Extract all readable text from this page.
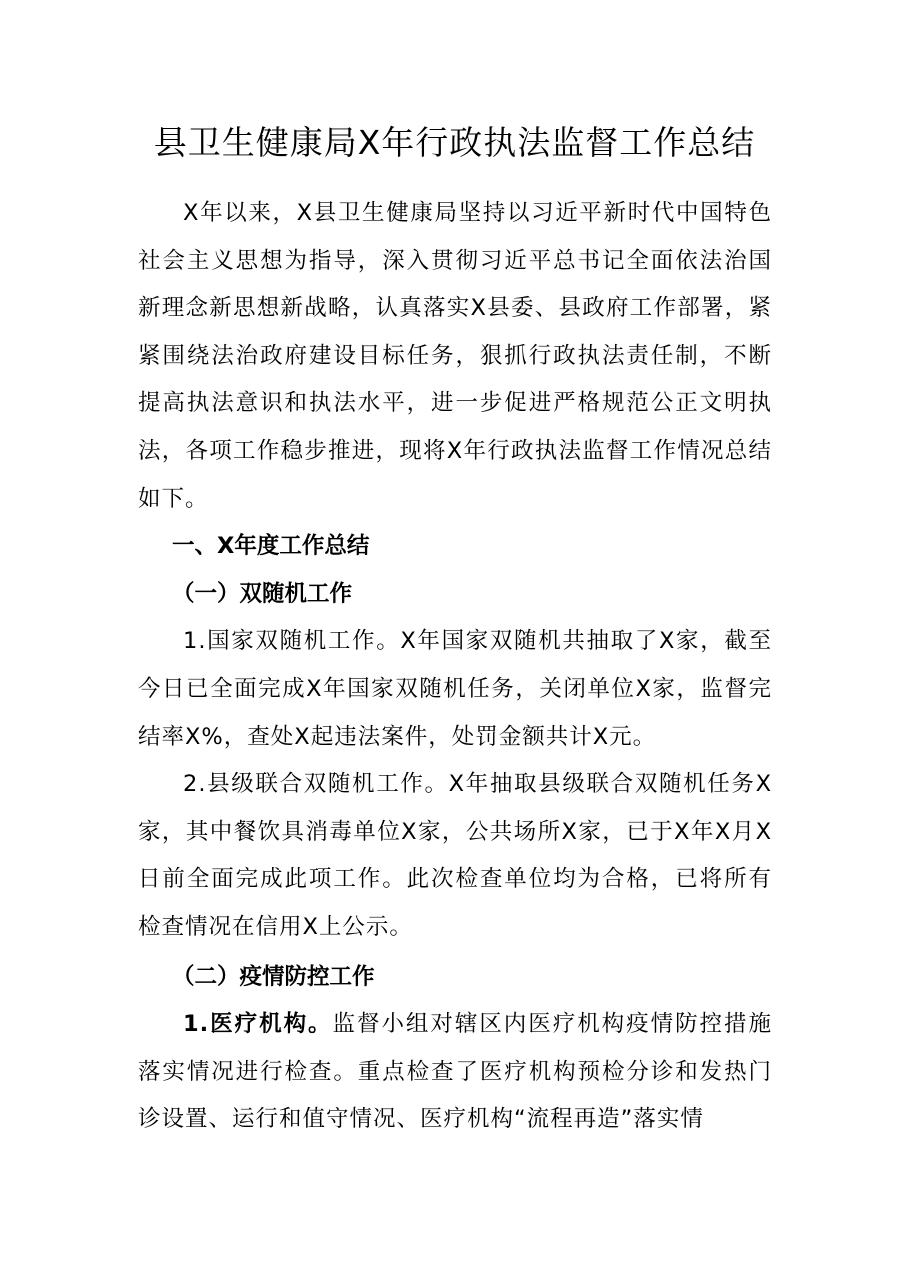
县卫生健康局X年行政执法监督工作总结

X年以来，X县卫生健康局坚持以习近平新时代中国特色社会主义思想为指导，深入贯彻习近平总书记全面依法治国新理念新思想新战略，认真落实X县委、县政府工作部署，紧紧围绕法治政府建设目标任务，狠抓行政执法责任制，不断提高执法意识和执法水平，进一步促进严格规范公正文明执法，各项工作稳步推进，现将X年行政执法监督工作情况总结如下。

一、X年度工作总结
（一）双随机工作

1.国家双随机工作。X年国家双随机共抽取了X家，截至今日已全面完成X年国家双随机任务，关闭单位X家，监督完结率X%，查处X起违法案件，处罚金额共计X元。

2.县级联合双随机工作。X年抽取县级联合双随机任务X家，其中餐饮具消毒单位X家，公共场所X家，已于X年X月X日前全面完成此项工作。此次检查单位均为合格，已将所有检查情况在信用X上公示。

（二）疫情防控工作

1.医疗机构。监督小组对辖区内医疗机构疫情防控措施落实情况进行检查。重点检查了医疗机构预检分诊和发热门诊设置、运行和值守情况、医疗机构“流程再造”落实情
